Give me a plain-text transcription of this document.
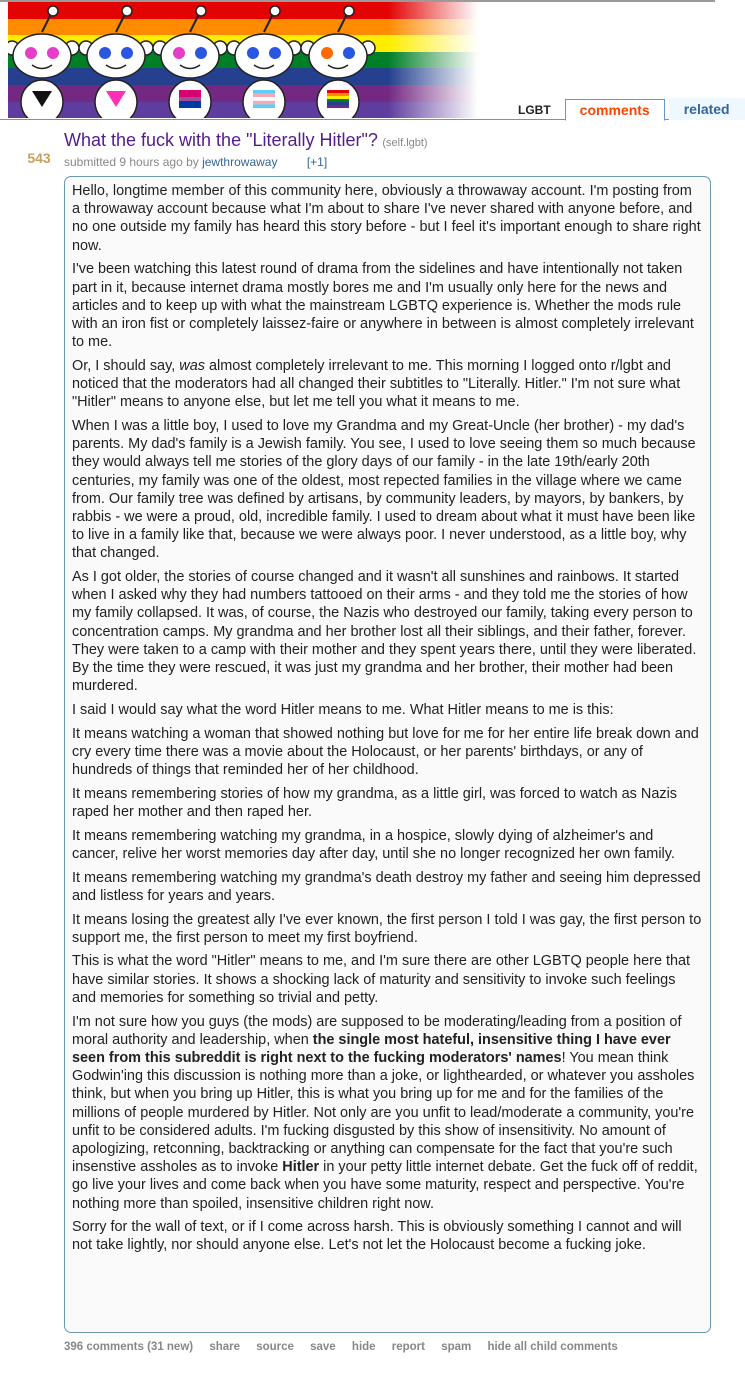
LGBT	comments	related
543
What the fuck with the "Literally Hitler"? (self.lgbt)
submitted 9 hours ago by jewthrowaway [+1]

Hello, longtime member of this community here, obviously a throwaway account. I'm posting from a throwaway account because what I'm about to share I've never shared with anyone before, and no one outside my family has heard this story before - but I feel it's important enough to share right now.

I've been watching this latest round of drama from the sidelines and have intentionally not taken part in it, because internet drama mostly bores me and I'm usually only here for the news and articles and to keep up with what the mainstream LGBTQ experience is. Whether the mods rule with an iron fist or completely laissez-faire or anywhere in between is almost completely irrelevant to me.

Or, I should say, was almost completely irrelevant to me. This morning I logged onto r/lgbt and noticed that the moderators had all changed their subtitles to "Literally. Hitler." I'm not sure what "Hitler" means to anyone else, but let me tell you what it means to me.

When I was a little boy, I used to love my Grandma and my Great-Uncle (her brother) - my dad's parents. My dad's family is a Jewish family. You see, I used to love seeing them so much because they would always tell me stories of the glory days of our family - in the late 19th/early 20th centuries, my family was one of the oldest, most repected families in the village where we came from. Our family tree was defined by artisans, by community leaders, by mayors, by bankers, by rabbis - we were a proud, old, incredible family. I used to dream about what it must have been like to live in a family like that, because we were always poor. I never understood, as a little boy, why that changed.

As I got older, the stories of course changed and it wasn't all sunshines and rainbows. It started when I asked why they had numbers tattooed on their arms - and they told me the stories of how my family collapsed. It was, of course, the Nazis who destroyed our family, taking every person to concentration camps. My grandma and her brother lost all their siblings, and their father, forever. They were taken to a camp with their mother and they spent years there, until they were liberated. By the time they were rescued, it was just my grandma and her brother, their mother had been murdered.

I said I would say what the word Hitler means to me. What Hitler means to me is this:

It means watching a woman that showed nothing but love for me for her entire life break down and cry every time there was a movie about the Holocaust, or her parents' birthdays, or any of hundreds of things that reminded her of her childhood.

It means remembering stories of how my grandma, as a little girl, was forced to watch as Nazis raped her mother and then raped her.

It means remembering watching my grandma, in a hospice, slowly dying of alzheimer's and cancer, relive her worst memories day after day, until she no longer recognized her own family.

It means remembering watching my grandma's death destroy my father and seeing him depressed and listless for years and years.

It means losing the greatest ally I've ever known, the first person I told I was gay, the first person to support me, the first person to meet my first boyfriend.

This is what the word "Hitler" means to me, and I'm sure there are other LGBTQ people here that have similar stories. It shows a shocking lack of maturity and sensitivity to invoke such feelings and memories for something so trivial and petty.

I'm not sure how you guys (the mods) are supposed to be moderating/leading from a position of moral authority and leadership, when the single most hateful, insensitive thing I have ever seen from this subreddit is right next to the fucking moderators' names! You mean think Godwin'ing this discussion is nothing more than a joke, or lighthearded, or whatever you assholes think, but when you bring up Hitler, this is what you bring up for me and for the families of the millions of people murdered by Hitler. Not only are you unfit to lead/moderate a community, you're unfit to be considered adults. I'm fucking disgusted by this show of insensitivity. No amount of apologizing, retconning, backtracking or anything can compensate for the fact that you're such insenstive assholes as to invoke Hitler in your petty little internet debate. Get the fuck off of reddit, go live your lives and come back when you have some maturity, respect and perspective. You're nothing more than spoiled, insensitive children right now.

Sorry for the wall of text, or if I come across harsh. This is obviously something I cannot and will not take lightly, nor should anyone else. Let's not let the Holocaust become a fucking joke.

396 comments (31 new) share source save hide report spam hide all child comments
